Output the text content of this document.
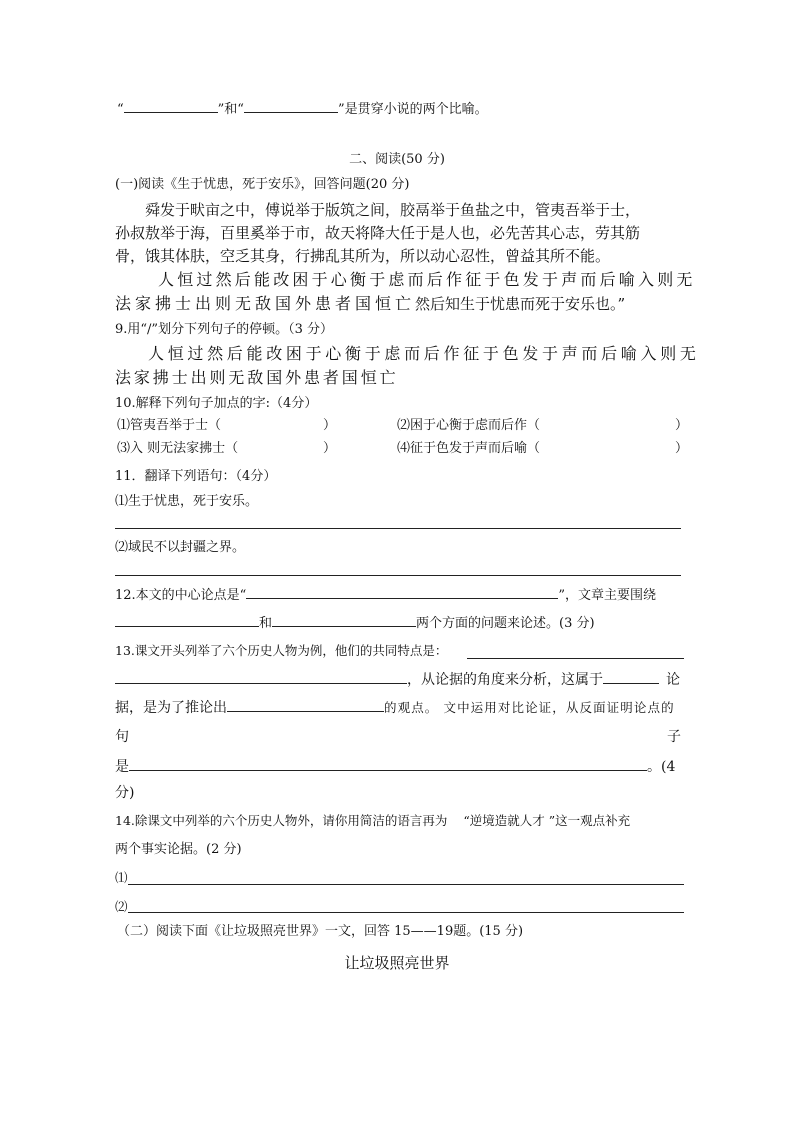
“	”和“	”是贯穿小说的两个比喻。
二、阅读(50 分)
(一)阅读《生于忧患，死于安乐》，回答问题(20 分)
舜发于畎亩之中，傅说举于版筑之间，胶鬲举于鱼盐之中，管夷吾举于士，
孙叔敖举于海，百里奚举于市，故天将降大任于是人也，必先苦其心志，劳其筋
骨，饿其体肤，空乏其身，行拂乱其所为，所以动心忍性，曾益其所不能。
人恒过然后能改困于心衡于虑而后作征于色发于声而后喻入则无
法家拂士出则无敌国外患者国恒亡然后知生于忧患而死于安乐也。”
9.用“/”划分下列句子的停顿。（3 分）
人恒过然后能改困于心衡于虑而后作征于色发于声而后喻入则无
法家拂士出则无敌国外患者国恒亡
10.解释下列句子加点的字:（4分）
⑴管夷吾举于士（	）	⑵困于心衡于虑而后作（	）
⑶入 则无法家拂士（	）	⑷征于色发于声而后喻（	）
11．翻译下列语句：（4分）
⑴生于忧患，死于安乐。
⑵域民不以封疆之界。
12.本文的中心论点是“	”，文章主要围绕
和	两个方面的问题来论述。(3 分)
13.课文开头列举了六个历史人物为例，他们的共同特点是：
，从论据的角度来分析，这属于	论
据，是为了推论出	的观点。 文中运用对比论证，从反面证明论点的
句	子
是	。(4
分)
14.除课文中列举的六个历史人物外，请你用简洁的语言再为 “逆境造就人才 ”这一观点补充
两个事实论据。(2 分)
⑴
⑵
（二）阅读下面《让垃圾照亮世界》一文，回答 15——19题。(15 分)
让垃圾照亮世界
